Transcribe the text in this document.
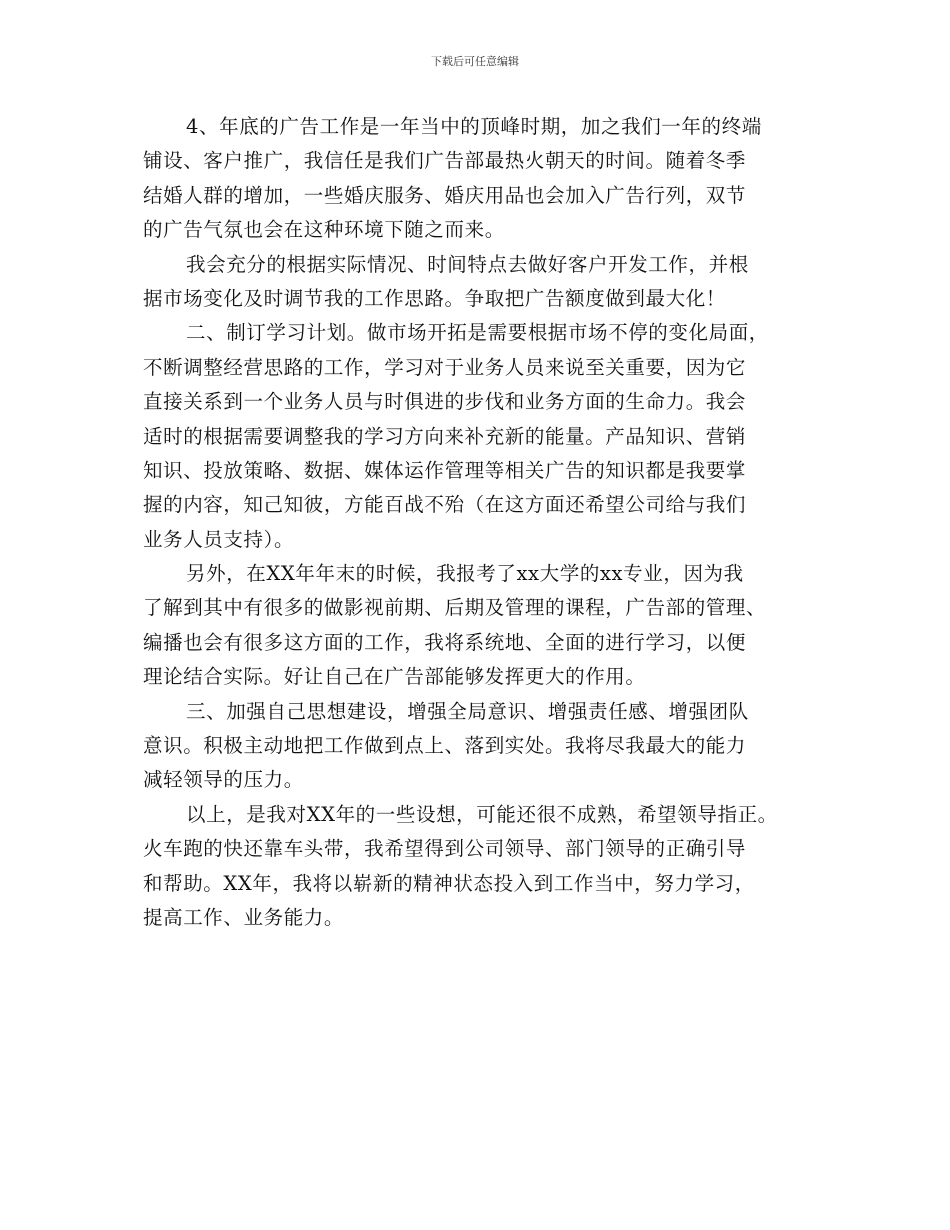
下载后可任意编辑

4、年底的广告工作是一年当中的顶峰时期，加之我们一年的终端
铺设、客户推广，我信任是我们广告部最热火朝天的时间。随着冬季
结婚人群的增加，一些婚庆服务、婚庆用品也会加入广告行列，双节
的广告气氛也会在这种环境下随之而来。

我会充分的根据实际情况、时间特点去做好客户开发工作，并根
据市场变化及时调节我的工作思路。争取把广告额度做到最大化！

二、制订学习计划。做市场开拓是需要根据市场不停的变化局面，
不断调整经营思路的工作，学习对于业务人员来说至关重要，因为它
直接关系到一个业务人员与时俱进的步伐和业务方面的生命力。我会
适时的根据需要调整我的学习方向来补充新的能量。产品知识、营销
知识、投放策略、数据、媒体运作管理等相关广告的知识都是我要掌
握的内容，知己知彼，方能百战不殆（在这方面还希望公司给与我们
业务人员支持）。

另外，在XX年年末的时候，我报考了xx大学的xx专业，因为我
了解到其中有很多的做影视前期、后期及管理的课程，广告部的管理、
编播也会有很多这方面的工作，我将系统地、全面的进行学习，以便
理论结合实际。好让自己在广告部能够发挥更大的作用。

三、加强自己思想建设，增强全局意识、增强责任感、增强团队
意识。积极主动地把工作做到点上、落到实处。我将尽我最大的能力
减轻领导的压力。

以上，是我对XX年的一些设想，可能还很不成熟，希望领导指正。
火车跑的快还靠车头带，我希望得到公司领导、部门领导的正确引导
和帮助。XX年，我将以崭新的精神状态投入到工作当中，努力学习，
提高工作、业务能力。
